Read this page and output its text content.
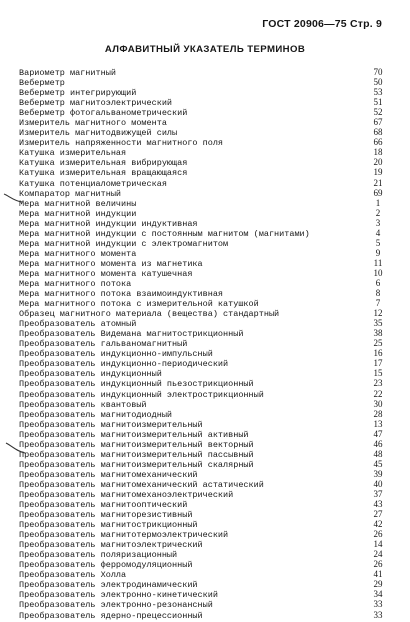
ГОСТ 20906—75 Стр. 9
АЛФАВИТНЫЙ УКАЗАТЕЛЬ ТЕРМИНОВ
Вариометр магнитный	70
Веберметр	50
Веберметр интегрирующий	53
Веберметр магнитоэлектрический	51
Веберметр фотогальванометрический	52
Измеритель магнитного момента	67
Измеритель магнитодвижущей силы	68
Измеритель напряженности магнитного поля	66
Катушка измерительная	18
Катушка измерительная вибрирующая	20
Катушка измерительная вращающаяся	19
Катушка потенциалометрическая	21
Компаратор магнитный	69
Мера магнитной величины	1
Мера магнитной индукции	2
Мера магнитной индукции индуктивная	3
Мера магнитной индукции с постоянным магнитом (магнитами)	4
Мера магнитной индукции с электромагнитом	5
Мера магнитного момента	9
Мера магнитного момента из магнетика	11
Мера магнитного момента катушечная	10
Мера магнитного потока	6
Мера магнитного потока взаимоиндуктивная	8
Мера магнитного потока с измерительной катушкой	7
Образец магнитного материала (вещества) стандартный	12
Преобразователь атомный	35
Преобразователь Видемана магнитострикционный	38
Преобразователь гальваномагнитный	25
Преобразователь индукционно-импульсный	16
Преобразователь индукционно-периодический	17
Преобразователь индукционный	15
Преобразователь индукционный пьезострикционный	23
Преобразователь индукционный электрострикционный	22
Преобразователь квантовый	30
Преобразователь магнитодиодный	28
Преобразователь магнитоизмерительный	13
Преобразователь магнитоизмерительный активный	47
Преобразователь магнитоизмерительный векторный	46
Преобразователь магнитоизмерительный пассывный	48
Преобразователь магнитоизмерительный скалярный	45
Преобразователь магнитомеханический	39
Преобразователь магнитомеханический астатический	40
Преобразователь магнитомеханоэлектрический	37
Преобразователь магнитооптический	43
Преобразователь магниторезистивный	27
Преобразователь магнитострикционный	42
Преобразователь магнитотермоэлектрический	26
Преобразователь магнитоэлектрический	14
Преобразователь поляризационный	24
Преобразователь ферромодуляционный	26
Преобразователь Холла	41
Преобразователь электродинамический	29
Преобразователь электронно-кинетический	34
Преобразователь электронно-резонансный	33
Преобразователь ядерно-прецессионный	33
